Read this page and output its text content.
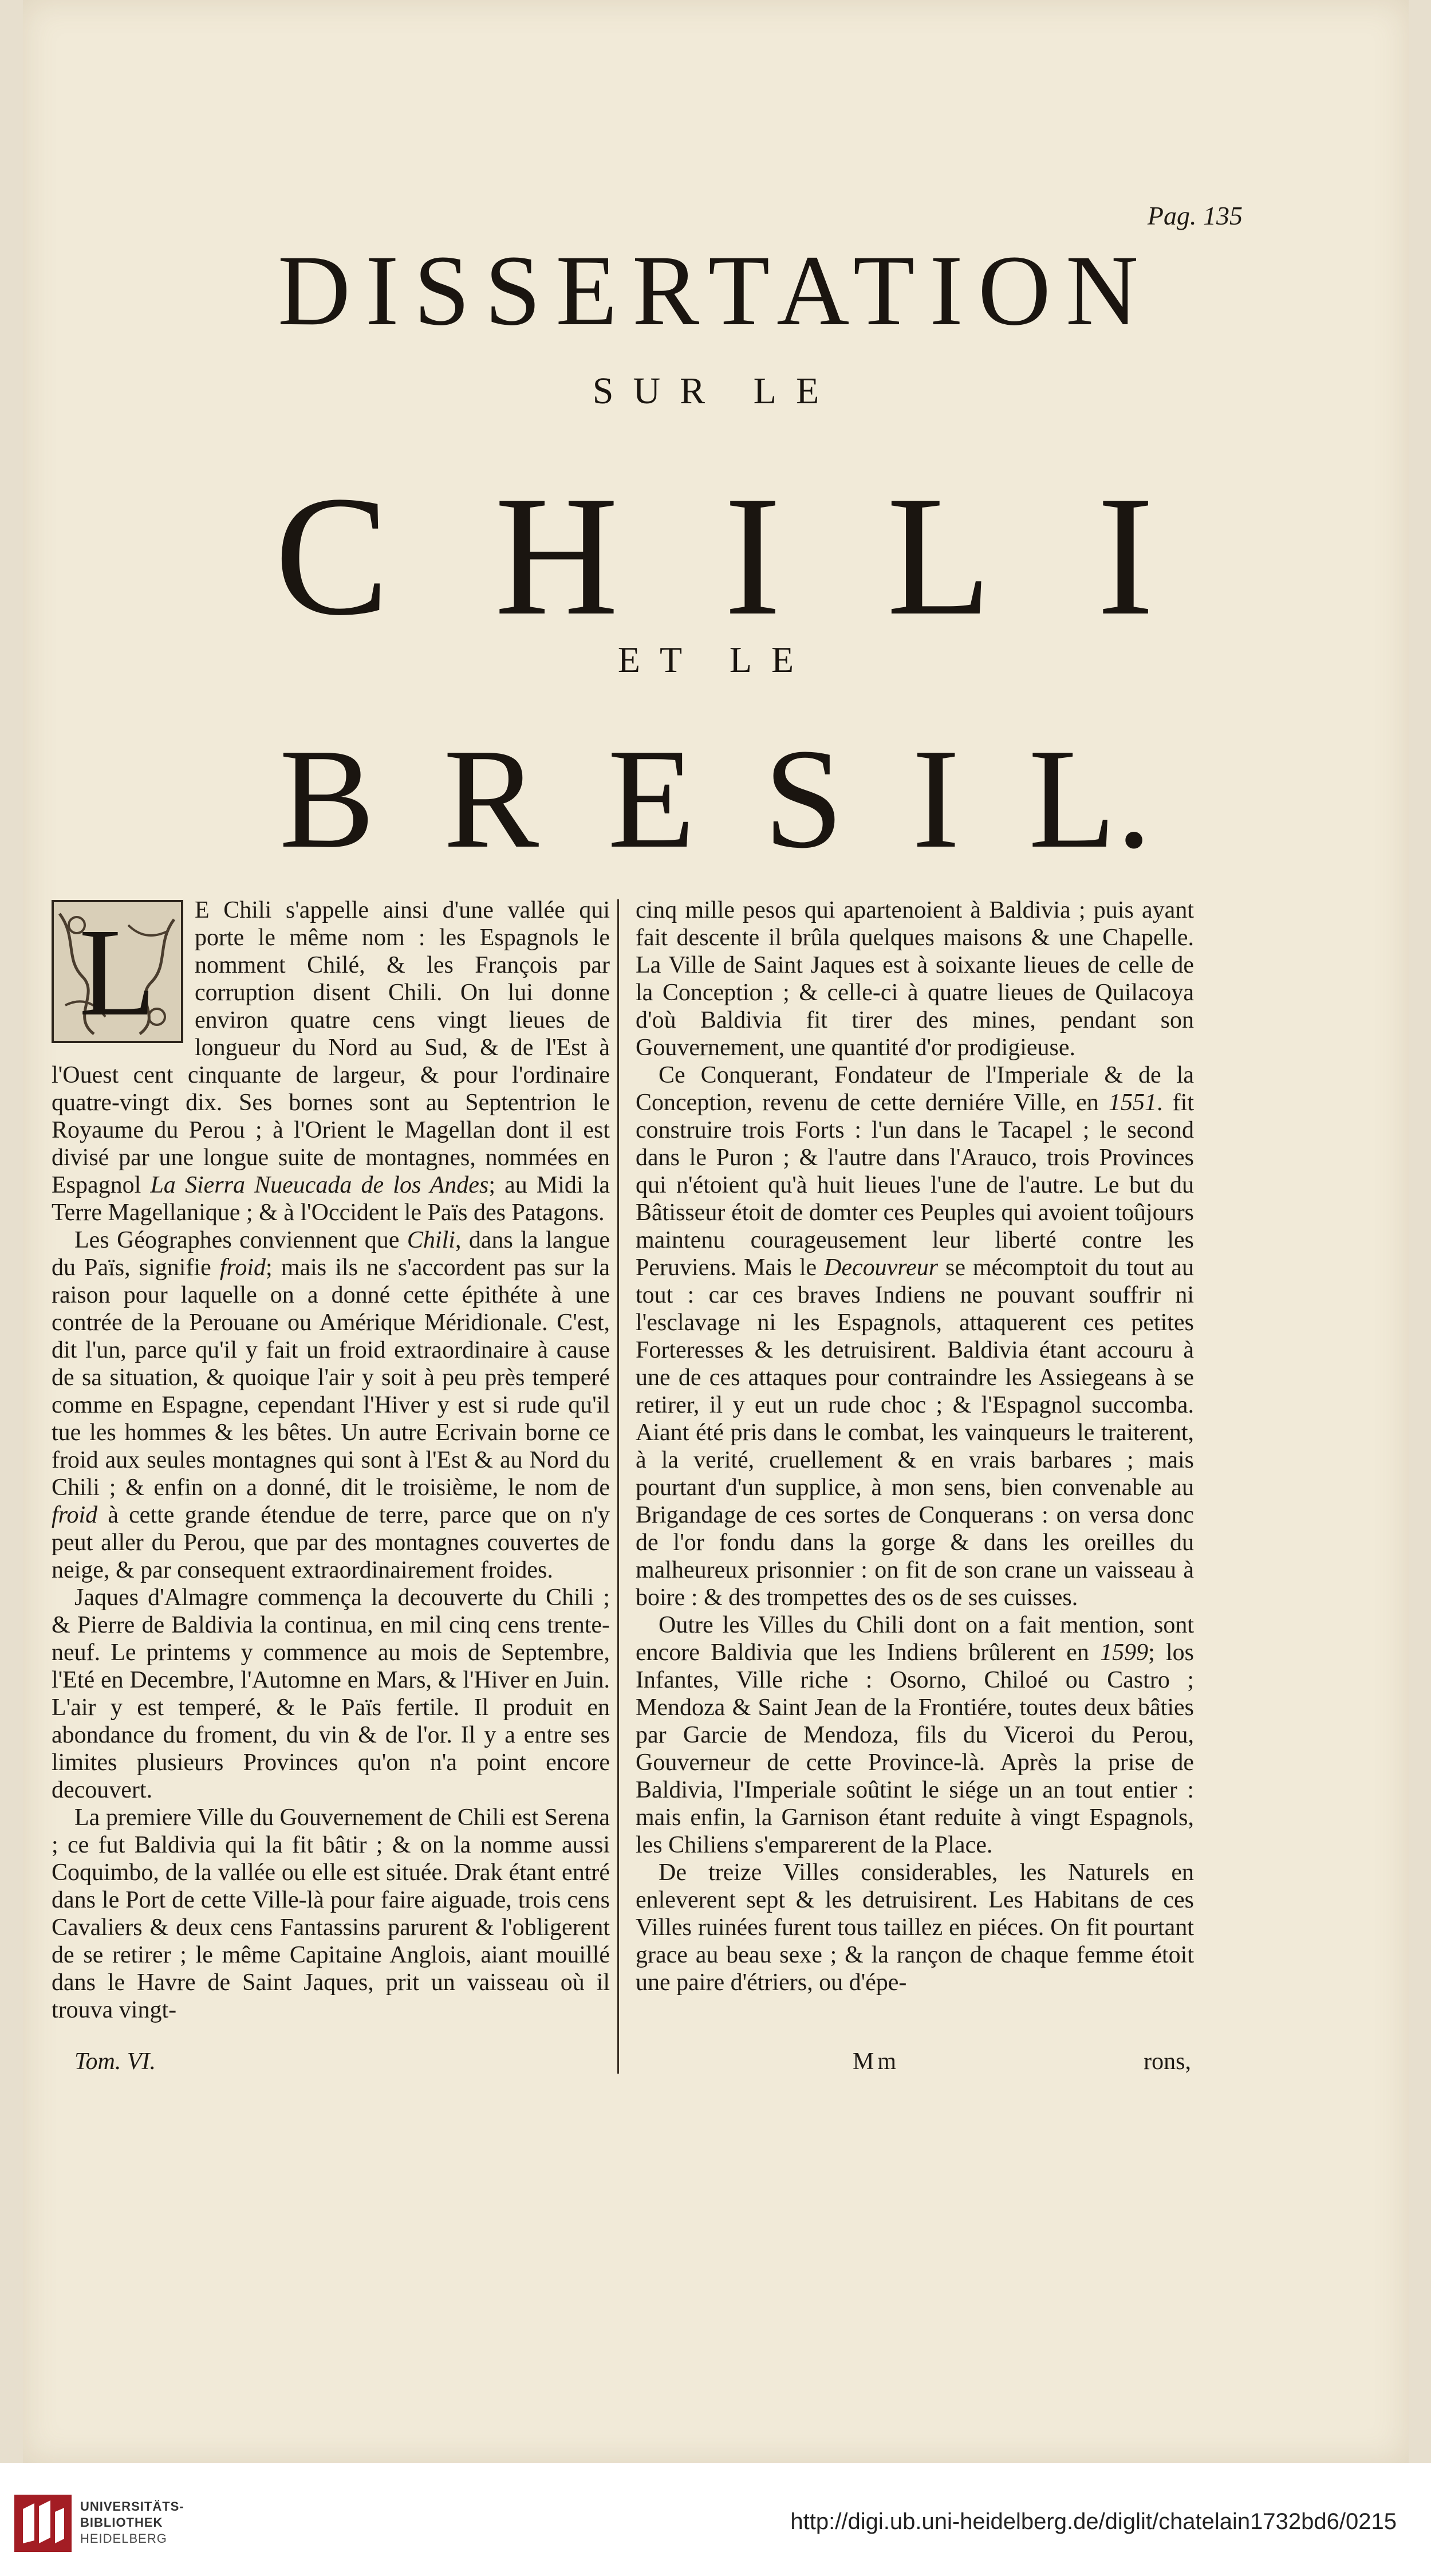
Pag. 135
DISSERTATION
SUR LE
C H I L I
ET LE
B R E S I L.

L	E Chili s'appelle ainsi d'une vallée qui porte le même nom : les Espagnols le nomment Chilé, & les François par corruption disent Chili. On lui donne environ quatre cens vingt lieues de longueur du Nord au Sud, & de l'Est à l'Ouest cent cinquante de largeur, & pour l'ordinaire quatre-vingt dix. Ses bornes sont au Septentrion le Royaume du Perou ; à l'Orient le Magellan dont il est divisé par une longue suite de montagnes, nommées en Espagnol La Sierra Nueucada de los Andes; au Midi la Terre Magellanique ; & à l'Occident le Païs des Patagons.

Les Géographes conviennent que Chili, dans la langue du Païs, signifie froid; mais ils ne s'accordent pas sur la raison pour laquelle on a donné cette épithéte à une contrée de la Perouane ou Amérique Méridionale. C'est, dit l'un, parce qu'il y fait un froid extraordinaire à cause de sa situation, & quoique l'air y soit à peu près temperé comme en Espagne, cependant l'Hiver y est si rude qu'il tue les hommes & les bêtes. Un autre Ecrivain borne ce froid aux seules montagnes qui sont à l'Est & au Nord du Chili ; & enfin on a donné, dit le troisième, le nom de froid à cette grande étendue de terre, parce que on n'y peut aller du Perou, que par des montagnes couvertes de neige, & par consequent extraordinairement froides.

Jaques d'Almagre commença la decouverte du Chili ; & Pierre de Baldivia la continua, en mil cinq cens trente-neuf. Le printems y commence au mois de Septembre, l'Eté en Decembre, l'Automne en Mars, & l'Hiver en Juin. L'air y est temperé, & le Païs fertile. Il produit en abondance du froment, du vin & de l'or. Il y a entre ses limites plusieurs Provinces qu'on n'a point encore decouvert.

La premiere Ville du Gouvernement de Chili est Serena ; ce fut Baldivia qui la fit bâtir ; & on la nomme aussi Coquimbo, de la vallée ou elle est située. Drak étant entré dans le Port de cette Ville-là pour faire aiguade, trois cens Cavaliers & deux cens Fantassins parurent & l'obligerent de se retirer ; le même Capitaine Anglois, aiant mouillé dans le Havre de Saint Jaques, prit un vaisseau où il trouva vingt-

cinq mille pesos qui apartenoient à Baldivia ; puis ayant fait descente il brûla quelques maisons & une Chapelle. La Ville de Saint Jaques est à soixante lieues de celle de la Conception ; & celle-ci à quatre lieues de Quilacoya d'où Baldivia fit tirer des mines, pendant son Gouvernement, une quantité d'or prodigieuse.

Ce Conquerant, Fondateur de l'Imperiale & de la Conception, revenu de cette derniére Ville, en 1551. fit construire trois Forts : l'un dans le Tacapel ; le second dans le Puron ; & l'autre dans l'Arauco, trois Provinces qui n'étoient qu'à huit lieues l'une de l'autre. Le but du Bâtisseur étoit de domter ces Peuples qui avoient toûjours maintenu courageusement leur liberté contre les Peruviens. Mais le Decouvreur se mécomptoit du tout au tout : car ces braves Indiens ne pouvant souffrir ni l'esclavage ni les Espagnols, attaquerent ces petites Forteresses & les detruisirent. Baldivia étant accouru à une de ces attaques pour contraindre les Assiegeans à se retirer, il y eut un rude choc ; & l'Espagnol succomba. Aiant été pris dans le combat, les vainqueurs le traiterent, à la verité, cruellement & en vrais barbares ; mais pourtant d'un supplice, à mon sens, bien convenable au Brigandage de ces sortes de Conquerans : on versa donc de l'or fondu dans la gorge & dans les oreilles du malheureux prisonnier : on fit de son crane un vaisseau à boire : & des trompettes des os de ses cuisses.

Outre les Villes du Chili dont on a fait mention, sont encore Baldivia que les Indiens brûlerent en 1599; los Infantes, Ville riche : Osorno, Chiloé ou Castro ; Mendoza & Saint Jean de la Frontiére, toutes deux bâties par Garcie de Mendoza, fils du Viceroi du Perou, Gouverneur de cette Province-là. Après la prise de Baldivia, l'Imperiale soûtint le siége un an tout entier : mais enfin, la Garnison étant reduite à vingt Espagnols, les Chiliens s'emparerent de la Place.

De treize Villes considerables, les Naturels en enleverent sept & les detruisirent. Les Habitans de ces Villes ruinées furent tous taillez en piéces. On fit pourtant grace au beau sexe ; & la rançon de chaque femme étoit une paire d'étriers, ou d'épe-

Tom. VI.	Mm	rons,
UNIVERSITÄTS-
BIBLIOTHEK
HEIDELBERG
http://digi.ub.uni-heidelberg.de/diglit/chatelain1732bd6/0215
